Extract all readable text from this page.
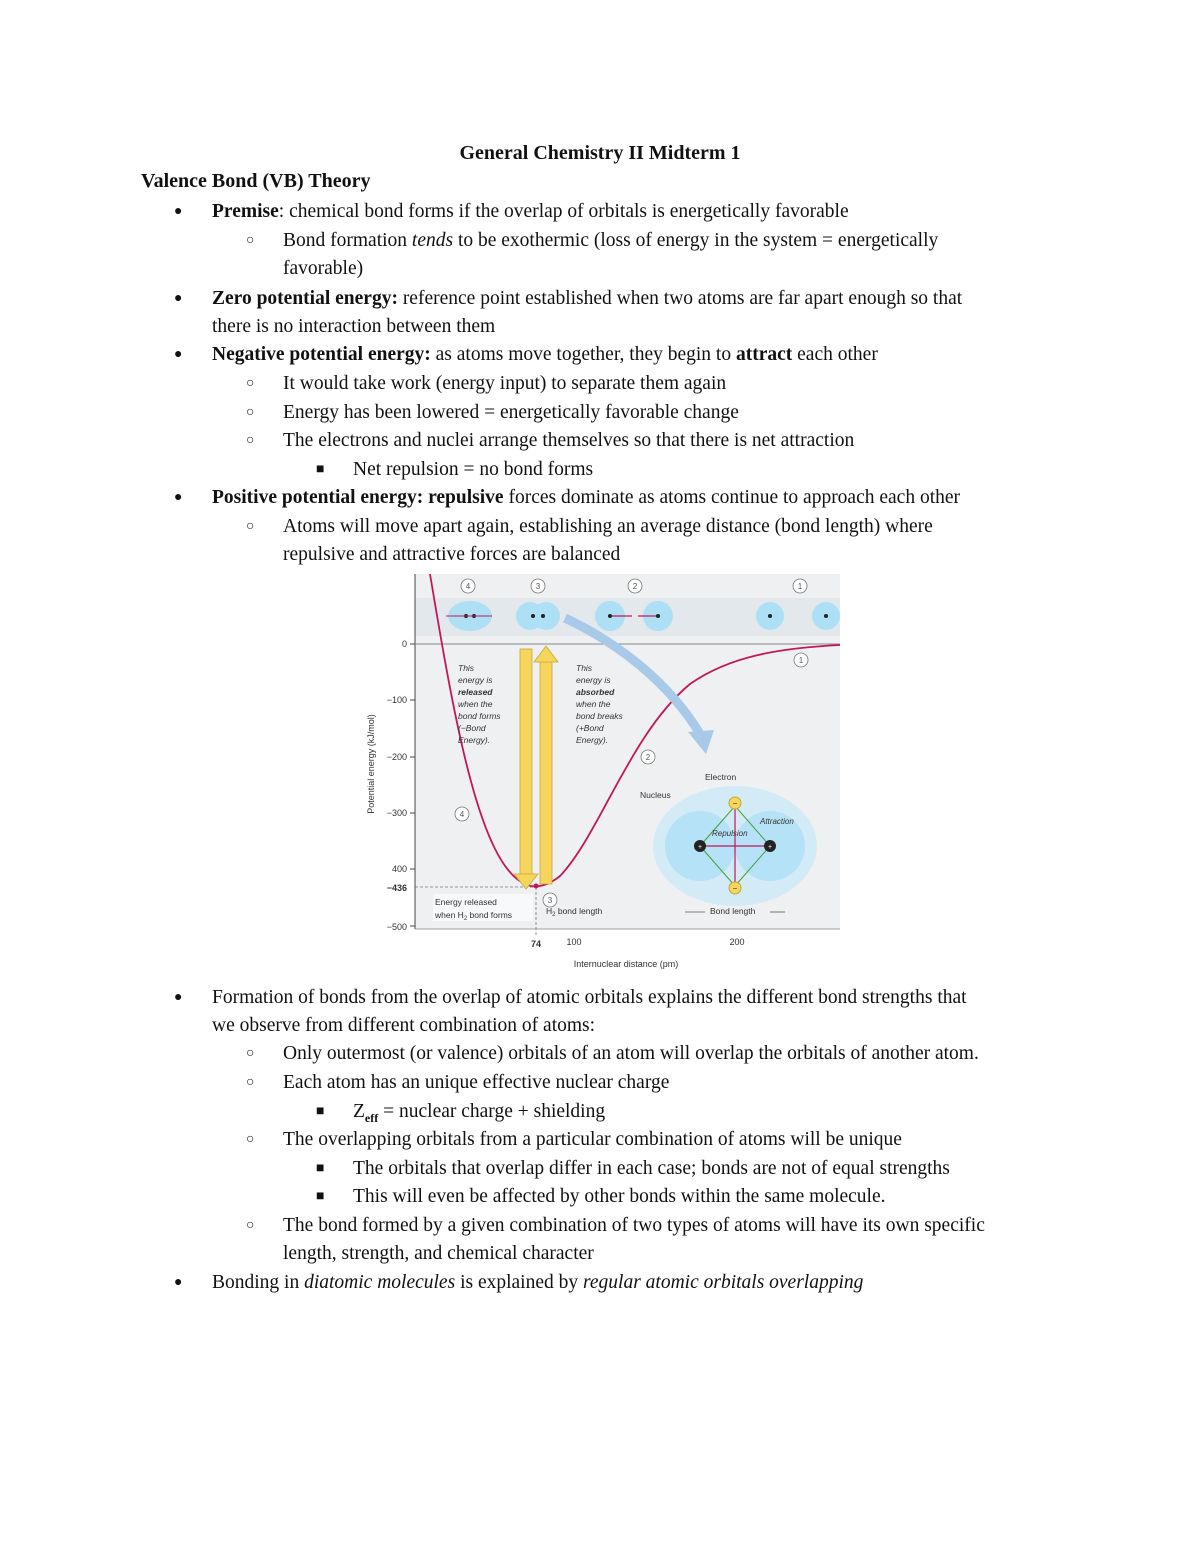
General Chemistry II Midterm 1
Valence Bond (VB) Theory
● Premise: chemical bond forms if the overlap of orbitals is energetically favorable
○ Bond formation tends to be exothermic (loss of energy in the system = energetically
favorable)
● Zero potential energy: reference point established when two atoms are far apart enough so that
there is no interaction between them
● Negative potential energy: as atoms move together, they begin to attract each other
○ It would take work (energy input) to separate them again
○ Energy has been lowered = energetically favorable change
○ The electrons and nuclei arrange themselves so that there is net attraction
■ Net repulsion = no bond forms
● Positive potential energy: repulsive forces dominate as atoms continue to approach each other
○ Atoms will move apart again, establishing an average distance (bond length) where
repulsive and attractive forces are balanced
0
−100
−200
−300
400
−436
−500
Potential energy (kJ/mol)
74	100	200
Internuclear distance (pm)
This
energy is
released
when the
bond forms
(−Bond
Energy).
This
energy is
absorbed
when the
bond breaks
(+Bond
Energy).
4	3	2	1
1
2
4
3
Energy released
when $H_2$ bond forms	$H_2$ bond length
−
−
+	+
Electron
Nucleus
Attraction
Repulsion
Bond length
● Formation of bonds from the overlap of atomic orbitals explains the different bond strengths that
we observe from different combination of atoms:
○ Only outermost (or valence) orbitals of an atom will overlap the orbitals of another atom.
○ Each atom has an unique effective nuclear charge
■ $Z_{eff}$ = nuclear charge + shielding
○ The overlapping orbitals from a particular combination of atoms will be unique
■ The orbitals that overlap differ in each case; bonds are not of equal strengths
■ This will even be affected by other bonds within the same molecule.
○ The bond formed by a given combination of two types of atoms will have its own specific
length, strength, and chemical character
● Bonding in diatomic molecules is explained by regular atomic orbitals overlapping
